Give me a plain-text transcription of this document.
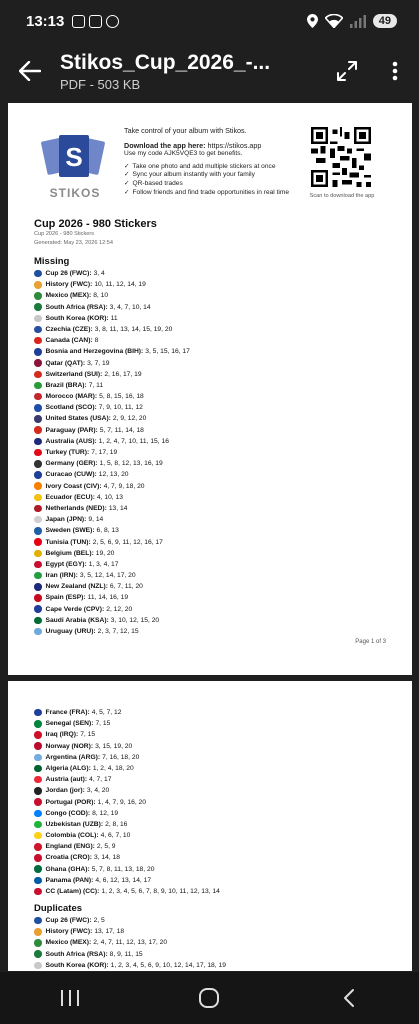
13:13	49
Stikos_Cup_2026_-...
PDF - 503 KB
S
STIKOS
Take control of your album with Stikos.
Download the app here: https://stikos.app
Use my code AJK5VQE3 to get benefits.
✓ Take one photo and add multiple stickers at once
✓ Sync your album instantly with your family
✓ QR-based trades
✓ Follow friends and find trade opportunities in real time
Scan to download the app
Cup 2026 - 980 Stickers
Cup 2026 - 980 Stickers
Generated: May 23, 2026 12:54
Missing
Cup 26 (FWC): 3, 4
History (FWC): 10, 11, 12, 14, 19
Mexico (MEX): 8, 10
South Africa (RSA): 3, 4, 7, 10, 14
South Korea (KOR): 11
Czechia (CZE): 3, 8, 11, 13, 14, 15, 19, 20
Canada (CAN): 8
Bosnia and Herzegovina (BIH): 3, 5, 15, 16, 17
Qatar (QAT): 3, 7, 19
Switzerland (SUI): 2, 16, 17, 19
Brazil (BRA): 7, 11
Morocco (MAR): 5, 8, 15, 16, 18
Scotland (SCO): 7, 9, 10, 11, 12
United States (USA): 2, 9, 12, 20
Paraguay (PAR): 5, 7, 11, 14, 18
Australia (AUS): 1, 2, 4, 7, 10, 11, 15, 16
Turkey (TUR): 7, 17, 19
Germany (GER): 1, 5, 8, 12, 13, 16, 19
Curacao (CUW): 12, 13, 20
Ivory Coast (CIV): 4, 7, 9, 18, 20
Ecuador (ECU): 4, 10, 13
Netherlands (NED): 13, 14
Japan (JPN): 9, 14
Sweden (SWE): 6, 8, 13
Tunisia (TUN): 2, 5, 6, 9, 11, 12, 16, 17
Belgium (BEL): 19, 20
Egypt (EGY): 1, 3, 4, 17
Iran (IRN): 3, 5, 12, 14, 17, 20
New Zealand (NZL): 6, 7, 11, 20
Spain (ESP): 11, 14, 16, 19
Cape Verde (CPV): 2, 12, 20
Saudi Arabia (KSA): 3, 10, 12, 15, 20
Uruguay (URU): 2, 3, 7, 12, 15
Page 1 of 3
France (FRA): 4, 5, 7, 12
Senegal (SEN): 7, 15
Iraq (IRQ): 7, 15
Norway (NOR): 3, 15, 19, 20
Argentina (ARG): 7, 16, 18, 20
Algeria (ALG): 1, 2, 4, 18, 20
Austria (aut): 4, 7, 17
Jordan (jor): 3, 4, 20
Portugal (POR): 1, 4, 7, 9, 16, 20
Congo (COD): 8, 12, 19
Uzbekistan (UZB): 2, 8, 16
Colombia (COL): 4, 6, 7, 10
England (ENG): 2, 5, 9
Croatia (CRO): 3, 14, 18
Ghana (GHA): 5, 7, 8, 11, 13, 18, 20
Panama (PAN): 4, 6, 12, 13, 14, 17
CC (Latam) (CC): 1, 2, 3, 4, 5, 6, 7, 8, 9, 10, 11, 12, 13, 14
Duplicates
Cup 26 (FWC): 2, 5
History (FWC): 13, 17, 18
Mexico (MEX): 2, 4, 7, 11, 12, 13, 17, 20
South Africa (RSA): 8, 9, 11, 15
South Korea (KOR): 1, 2, 3, 4, 5, 6, 9, 10, 12, 14, 17, 18, 19
